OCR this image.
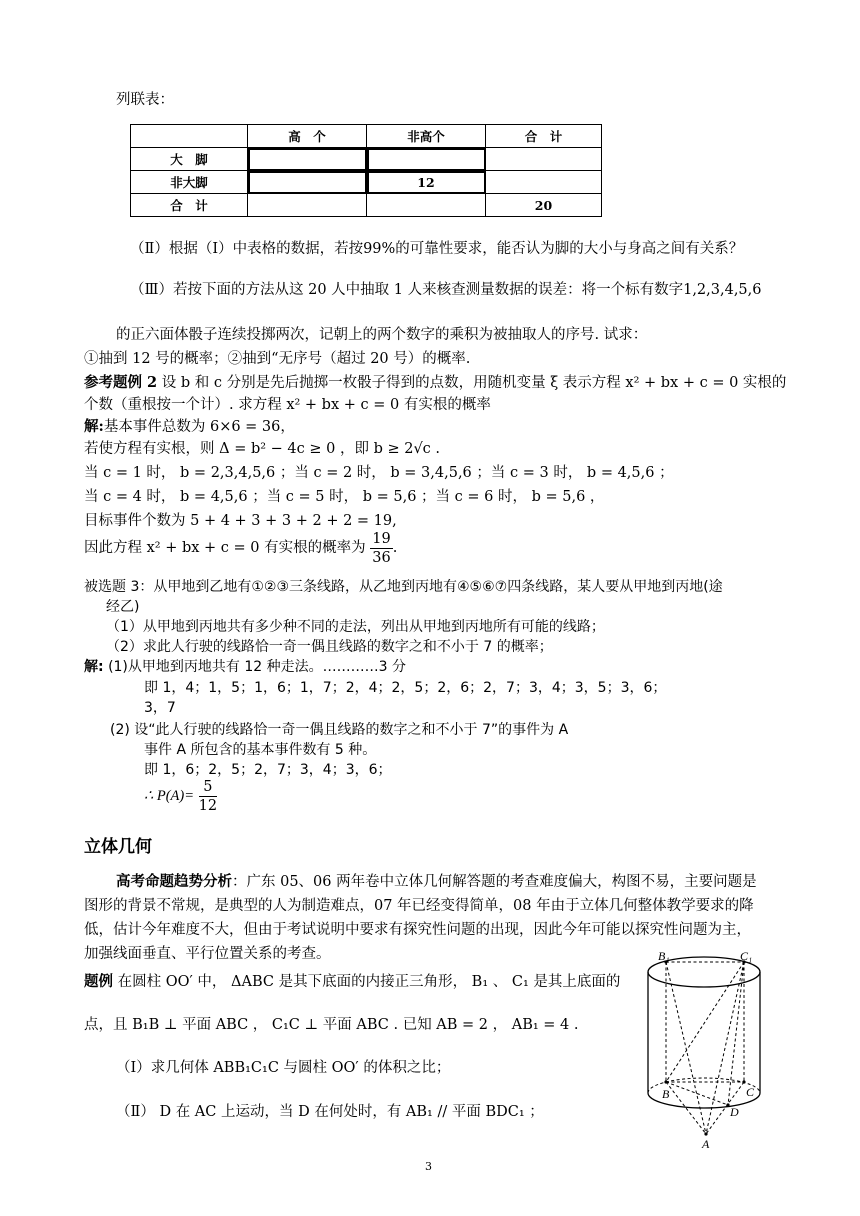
列联表：
	高　个	非高个	合　计
大　脚			
非大脚		12	
合　计			20
（Ⅱ）根据（Ⅰ）中表格的数据，若按99%的可靠性要求，能否认为脚的大小与身高之间有关系？
（Ⅲ）若按下面的方法从这 20 人中抽取 1 人来核查测量数据的误差：将一个标有数字1,2,3,4,5,6
的正六面体骰子连续投掷两次，记朝上的两个数字的乘积为被抽取人的序号. 试求：
①抽到 12 号的概率；②抽到“无序号（超过 20 号）的概率.
参考题例 2 设 b 和 c 分别是先后抛掷一枚骰子得到的点数，用随机变量 ξ 表示方程 x² + bx + c = 0 实根的
个数（重根按一个计）. 求方程 x² + bx + c = 0 有实根的概率
解:基本事件总数为 6×6 = 36，
若使方程有实根，则 Δ = b² − 4c ≥ 0 ，即 b ≥ 2√c .
当 c = 1 时， b = 2,3,4,5,6 ；当 c = 2 时， b = 3,4,5,6 ；当 c = 3 时， b = 4,5,6 ；
当 c = 4 时， b = 4,5,6 ；当 c = 5 时， b = 5,6 ；当 c = 6 时， b = 5,6 ，
目标事件个数为 5 + 4 + 3 + 3 + 2 + 2 = 19,
因此方程 x² + bx + c = 0 有实根的概率为 $\frac{19}{36}$ .
被选题 3：从甲地到乙地有①②③三条线路，从乙地到丙地有④⑤⑥⑦四条线路，某人要从甲地到丙地(途
经乙)
（1）从甲地到丙地共有多少种不同的走法，列出从甲地到丙地所有可能的线路；
（2）求此人行驶的线路恰一奇一偶且线路的数字之和不小于 7 的概率；
解: (1)从甲地到丙地共有 12 种走法。…………3 分
即 1，4；1，5；1，6；1，7；2，4；2，5；2，6；2，7；3，4；3，5；3，6；
3，7
(2) 设“此人行驶的线路恰一奇一偶且线路的数字之和不小于 7”的事件为 A
事件 A 所包含的基本事件数有 5 种。
即 1，6；2，5；2，7；3，4；3，6；
∴ $P(A)= \frac{5}{12}$
立体几何
高考命题趋势分析：广东 05、06 两年卷中立体几何解答题的考查难度偏大，构图不易，主要问题是
图形的背景不常规，是典型的人为制造难点，07 年已经变得简单，08 年由于立体几何整体教学要求的降
低，估计今年难度不大，但由于考试说明中要求有探究性问题的出现，因此今年可能以探究性问题为主，
加强线面垂直、平行位置关系的考查。
题例 在圆柱 OO′ 中， ΔABC 是其下底面的内接正三角形， B₁ 、 C₁ 是其上底面的
点，且 B₁B ⊥ 平面 ABC ， C₁C ⊥ 平面 ABC . 已知 AB = 2 ， AB₁ = 4 .
（Ⅰ）求几何体 ABB₁C₁C 与圆柱 OO′ 的体积之比；
（Ⅱ） D 在 AC 上运动，当 D 在何处时，有 AB₁ // 平面 BDC₁ ；
B₁	C₁
B	C
D
A
3
